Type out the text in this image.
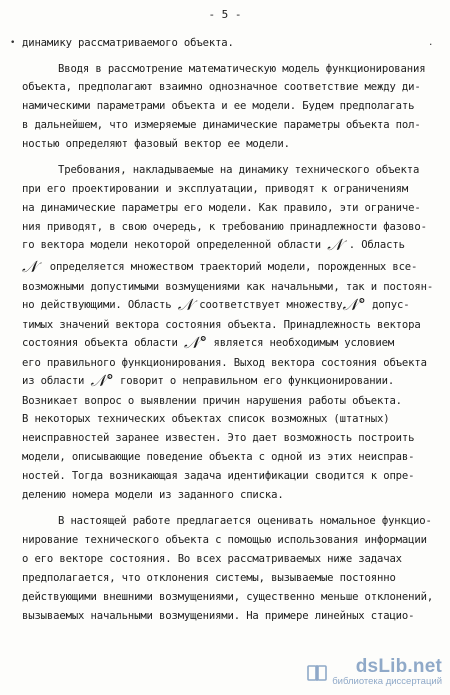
- 5 -
•	.
динамику рассматриваемого объекта.
Вводя в рассмотрение математическую модель функционирования
объекта, предполагают взаимно однозначное соответствие между ди-
намическими параметрами объекта и ее модели. Будем предполагать
в дальнейшем, что измеряемые динамические параметры объекта пол-
ностью определяют фазовый вектор ее модели.
Требования, накладываемые на динамику технического объекта
при его проектировании и эксплуатации, приводят к ограничениям
на динамические параметры его модели. Как правило, эти ограниче-
ния приводят, в свою очередь, к требованию принадлежности фазово-
го вектора модели некоторой определенной области 𝒩 . Область
𝒩 определяется множеством траекторий модели, порожденных все-
возможными допустимыми возмущениями как начальными, так и постоян-
но действующими. Область 𝒩 соответствует множеству𝒩° допус-
тимых значений вектора состояния объекта. Принадлежность вектора
состояния объекта области 𝒩° является необходимым условием
его правильного функционирования. Выход вектора состояния объекта
из области 𝒩° говорит о неправильном его функционировании.
Возникает вопрос о выявлении причин нарушения работы объекта.
В некоторых технических объектах список возможных (штатных)
неисправностей заранее известен. Это дает возможность построить
модели, описывающие поведение объекта с одной из этих неисправ-
ностей. Тогда возникающая задача идентификации сводится к опре-
делению номера модели из заданного списка.
В настоящей работе предлагается оценивать номальное функцио-
нирование технического объекта с помощью использования информации
о его векторе состояния. Во всех рассматриваемых ниже задачах
предполагается, что отклонения системы, вызываемые постоянно
действующими внешними возмущениями, существенно меньше отклонений,
вызываемых начальными возмущениями. На примере линейных стацио-
dsLib.net
библиотека диссертаций
